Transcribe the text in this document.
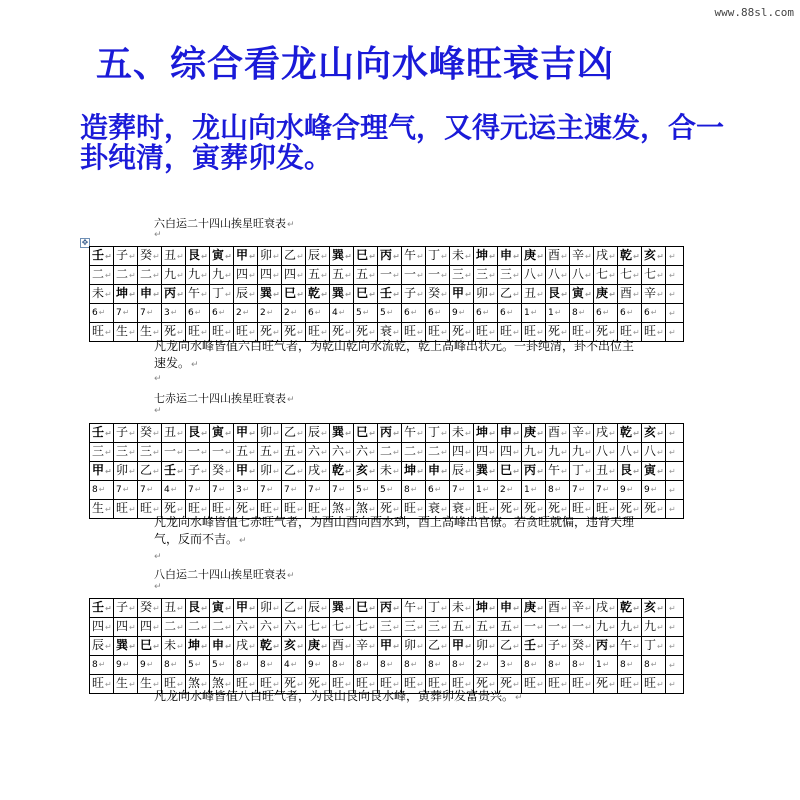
www.88sl.com
五、综合看龙山向水峰旺衰吉凶
造葬时，龙山向水峰合理气，又得元运主速发，合一卦纯清，寅葬卯发。
✥
六白运二十四山挨星旺衰表↵
↵
壬↵	子↵	癸↵	丑↵	艮↵	寅↵	甲↵	卯↵	乙↵	辰↵	巽↵	巳↵	丙↵	午↵	丁↵	未↵	坤↵	申↵	庚↵	酉↵	辛↵	戌↵	乾↵	亥↵	↵
二↵	二↵	二↵	九↵	九↵	九↵	四↵	四↵	四↵	五↵	五↵	五↵	一↵	一↵	一↵	三↵	三↵	三↵	八↵	八↵	八↵	七↵	七↵	七↵	↵
未↵	坤↵	申↵	丙↵	午↵	丁↵	辰↵	巽↵	巳↵	乾↵	巽↵	巳↵	壬↵	子↵	癸↵	甲↵	卯↵	乙↵	丑↵	艮↵	寅↵	庚↵	酉↵	辛↵	↵
6↵	7↵	7↵	3↵	6↵	6↵	2↵	2↵	2↵	6↵	4↵	5↵	5↵	6↵	6↵	9↵	6↵	6↵	1↵	1↵	8↵	6↵	6↵	6↵	↵
旺↵	生↵	生↵	死↵	旺↵	旺↵	旺↵	死↵	死↵	旺↵	死↵	死↵	衰↵	旺↵	旺↵	死↵	旺↵	旺↵	旺↵	死↵	旺↵	死↵	旺↵	旺↵	↵
凡龙向水峰皆值六白旺气者，为乾山乾向水流乾，乾上高峰出状元。一卦纯清，卦不出位主速发。↵
↵
七赤运二十四山挨星旺衰表↵
↵
壬↵	子↵	癸↵	丑↵	艮↵	寅↵	甲↵	卯↵	乙↵	辰↵	巽↵	巳↵	丙↵	午↵	丁↵	未↵	坤↵	申↵	庚↵	酉↵	辛↵	戌↵	乾↵	亥↵	↵
三↵	三↵	三↵	一↵	一↵	一↵	五↵	五↵	五↵	六↵	六↵	六↵	二↵	二↵	二↵	四↵	四↵	四↵	九↵	九↵	九↵	八↵	八↵	八↵	↵
甲↵	卯↵	乙↵	壬↵	子↵	癸↵	甲↵	卯↵	乙↵	戌↵	乾↵	亥↵	未↵	坤↵	申↵	辰↵	巽↵	巳↵	丙↵	午↵	丁↵	丑↵	艮↵	寅↵	↵
8↵	7↵	7↵	4↵	7↵	7↵	3↵	7↵	7↵	7↵	7↵	5↵	5↵	8↵	6↵	7↵	1↵	2↵	1↵	8↵	7↵	7↵	9↵	9↵	↵
生↵	旺↵	旺↵	死↵	旺↵	旺↵	死↵	旺↵	旺↵	旺↵	煞↵	煞↵	死↵	旺↵	衰↵	衰↵	旺↵	死↵	死↵	死↵	旺↵	旺↵	死↵	死↵	↵
凡龙向水峰皆值七赤旺气者，为酉山酉向酉水到，酉上高峰出官僚。若贪旺就偏，违背天理气，反而不吉。↵
↵
八白运二十四山挨星旺衰表↵
↵
壬↵	子↵	癸↵	丑↵	艮↵	寅↵	甲↵	卯↵	乙↵	辰↵	巽↵	巳↵	丙↵	午↵	丁↵	未↵	坤↵	申↵	庚↵	酉↵	辛↵	戌↵	乾↵	亥↵	↵
四↵	四↵	四↵	二↵	二↵	二↵	六↵	六↵	六↵	七↵	七↵	七↵	三↵	三↵	三↵	五↵	五↵	五↵	一↵	一↵	一↵	九↵	九↵	九↵	↵
辰↵	巽↵	巳↵	未↵	坤↵	申↵	戌↵	乾↵	亥↵	庚↵	酉↵	辛↵	甲↵	卯↵	乙↵	甲↵	卯↵	乙↵	壬↵	子↵	癸↵	丙↵	午↵	丁↵	↵
8↵	9↵	9↵	8↵	5↵	5↵	8↵	8↵	4↵	9↵	8↵	8↵	8↵	8↵	8↵	8↵	2↵	3↵	8↵	8↵	8↵	1↵	8↵	8↵	↵
旺↵	生↵	生↵	旺↵	煞↵	煞↵	旺↵	旺↵	死↵	死↵	旺↵	旺↵	旺↵	旺↵	旺↵	旺↵	死↵	死↵	旺↵	旺↵	旺↵	死↵	旺↵	旺↵	↵
凡龙向水峰皆值八白旺气者，为艮山艮向艮水峰，寅葬卯发富贵兴。↵
